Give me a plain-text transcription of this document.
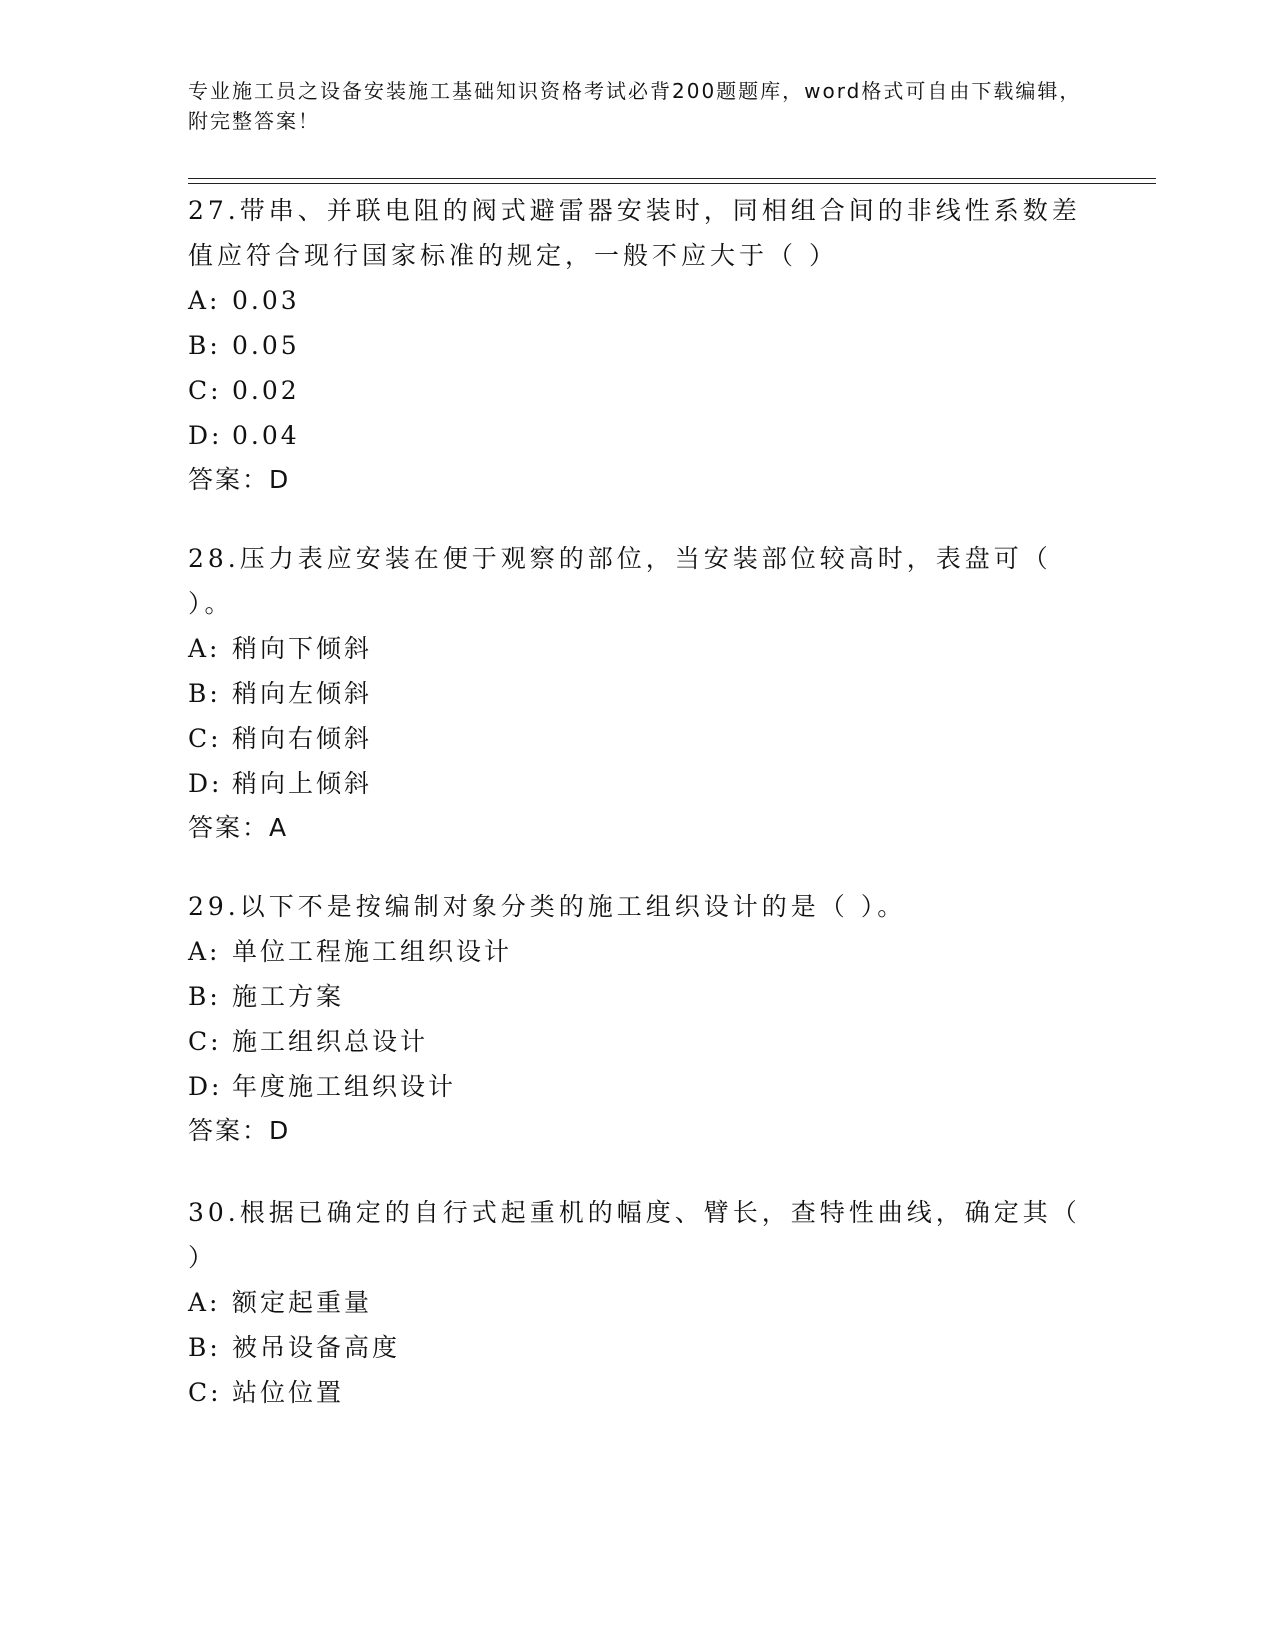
专业施工员之设备安装施工基础知识资格考试必背200题题库，word格式可自由下载编辑，附完整答案！

27.带串、并联电阻的阀式避雷器安装时，同相组合间的非线性系数差值应符合现行国家标准的规定，一般不应大于（ ）

A: 0.03
B: 0.05
C: 0.02
D: 0.04
答案：D

28.压力表应安装在便于观察的部位，当安装部位较高时，表盘可（ ）。

A: 稍向下倾斜
B: 稍向左倾斜
C: 稍向右倾斜
D: 稍向上倾斜
答案：A

29.以下不是按编制对象分类的施工组织设计的是（ ）。

A: 单位工程施工组织设计
B: 施工方案
C: 施工组织总设计
D: 年度施工组织设计
答案：D

30.根据已确定的自行式起重机的幅度、臂长，查特性曲线，确定其（ ）

A: 额定起重量
B: 被吊设备高度
C: 站位位置
